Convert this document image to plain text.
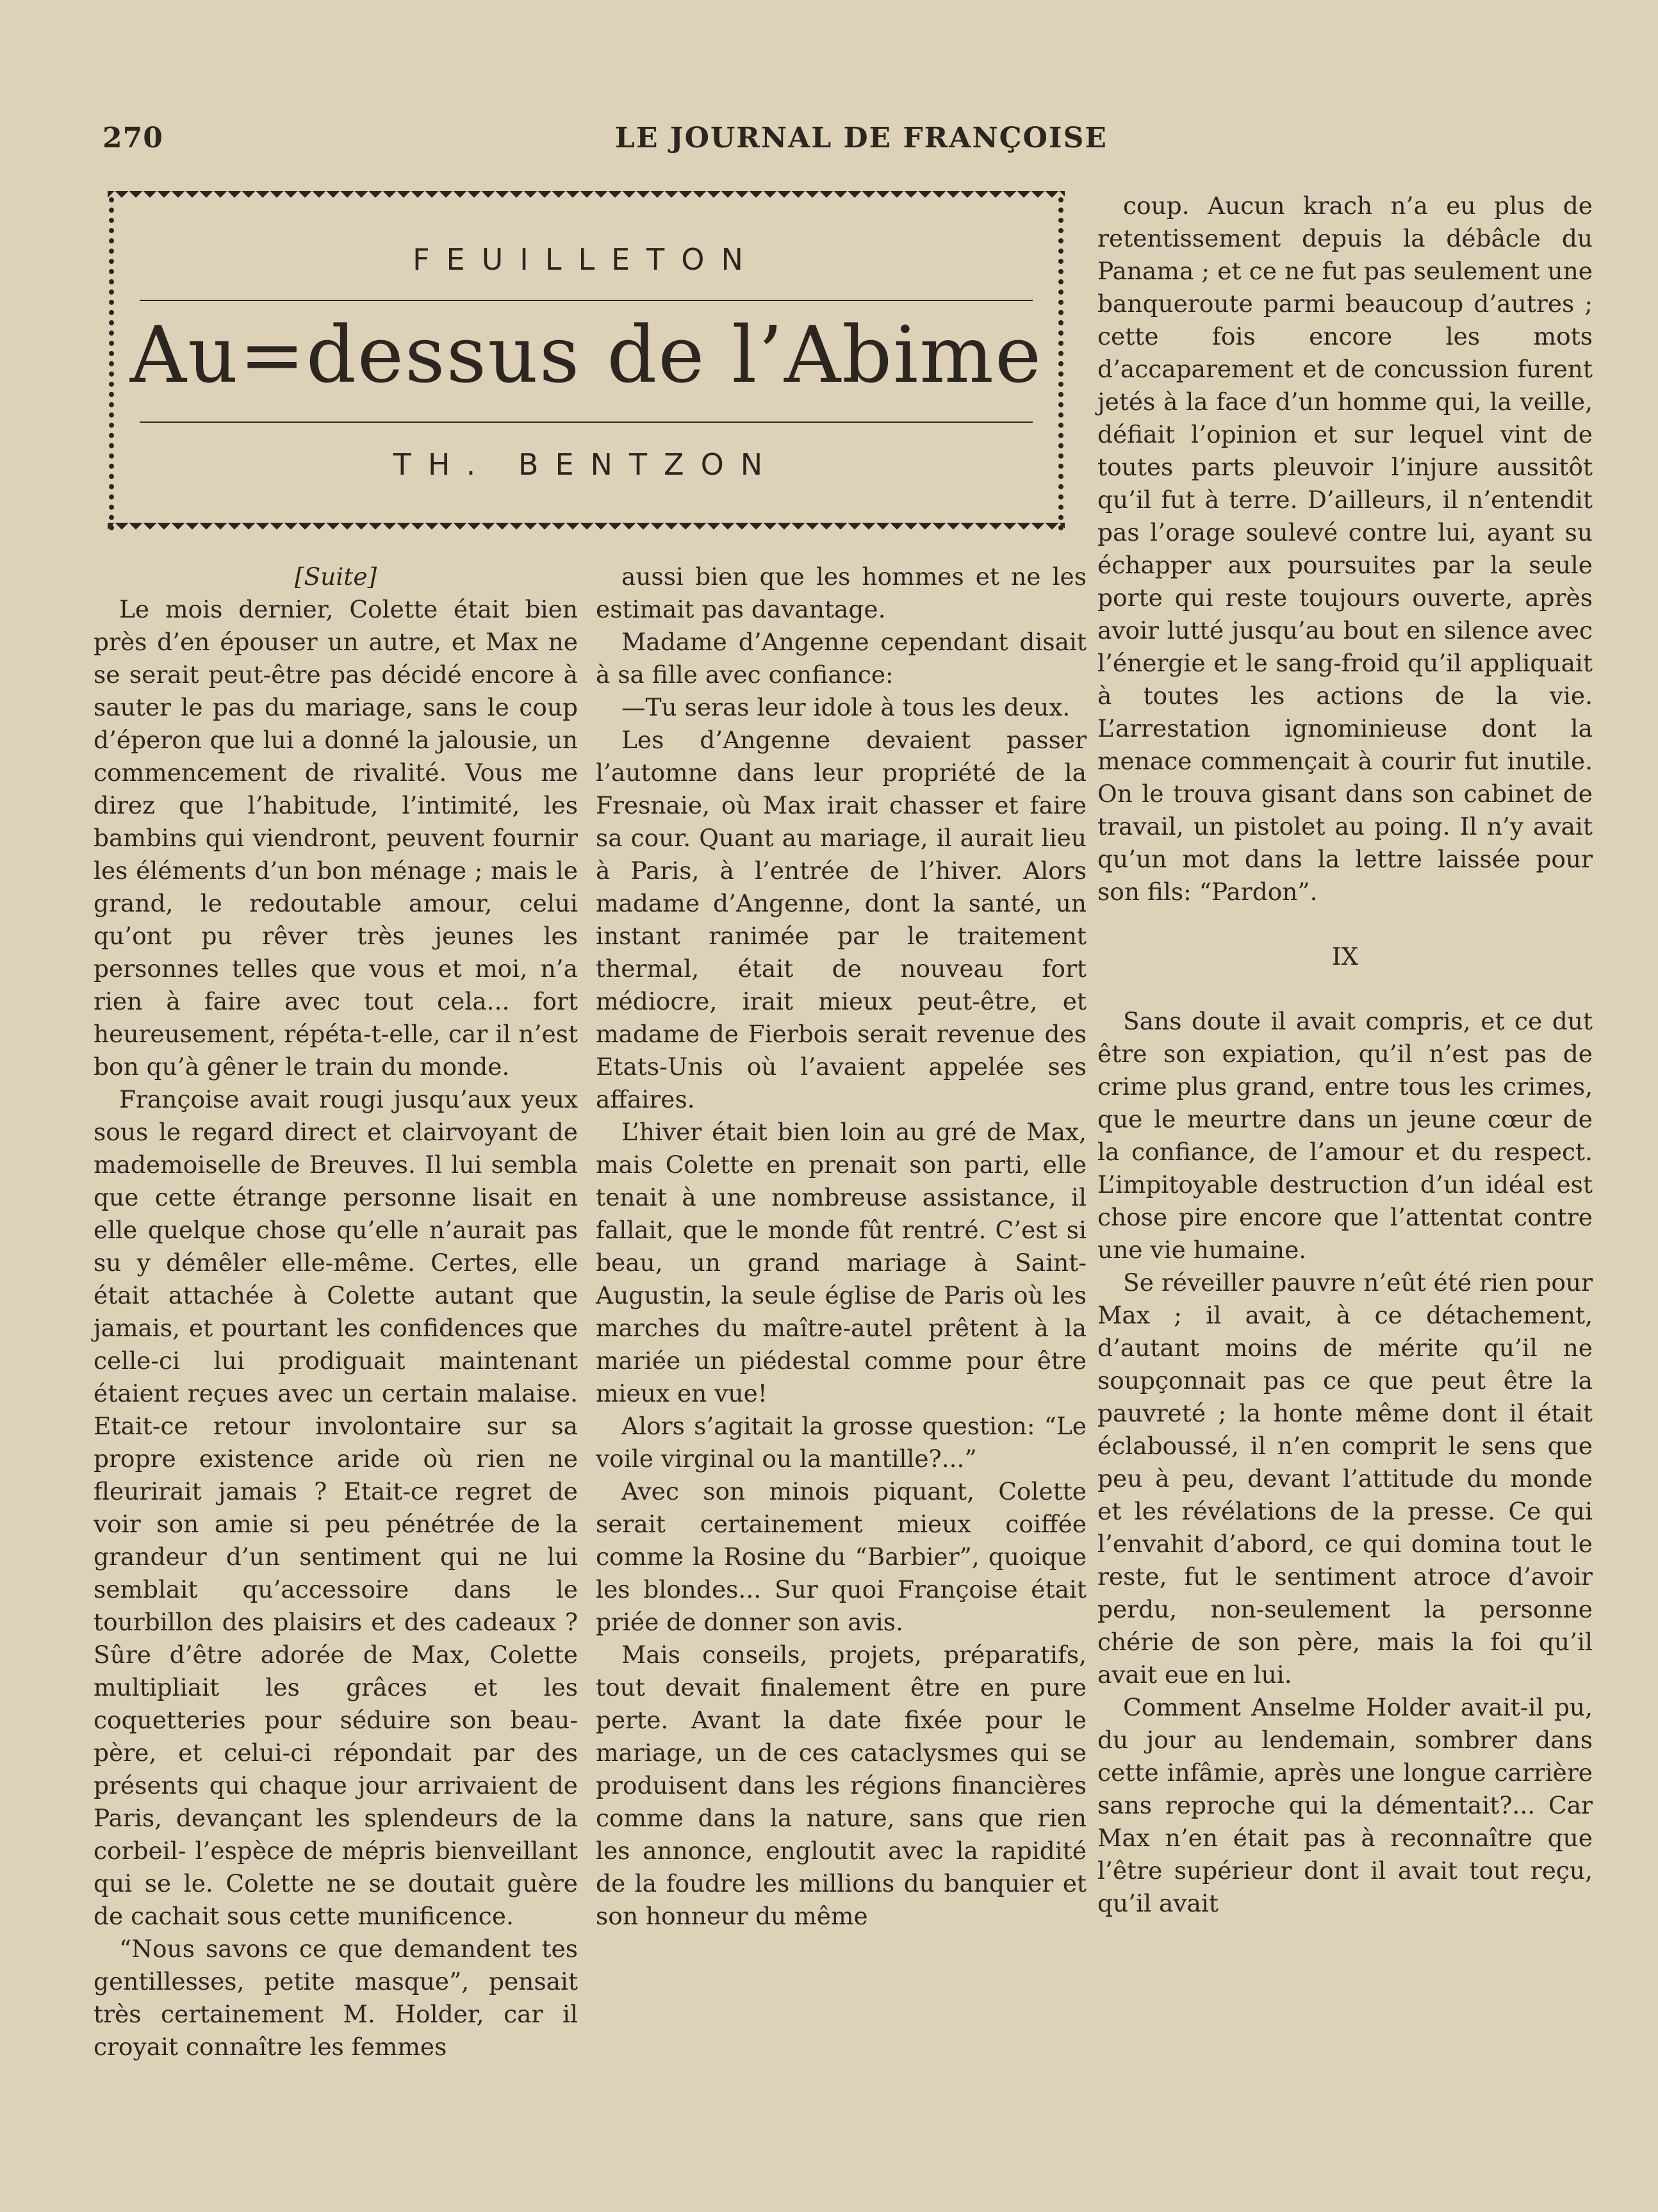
270	LE JOURNAL DE FRANÇOISE
FEUILLETON
Au=dessus de l’Abime
TH. BENTZON

[Suite]

Le mois dernier, Colette était bien près d’en épouser un autre, et Max ne se serait peut-être pas décidé encore à sauter le pas du mariage, sans le coup d’éperon que lui a donné la jalousie, un commencement de rivalité. Vous me direz que l’habitude, l’intimité, les bambins qui viendront, peuvent fournir les éléments d’un bon ménage ; mais le grand, le redoutable amour, celui qu’ont pu rêver très jeunes les personnes telles que vous et moi, n’a rien à faire avec tout cela... fort heureusement, répéta-t-elle, car il n’est bon qu’à gêner le train du monde.

Françoise avait rougi jusqu’aux yeux sous le regard direct et clairvoyant de mademoiselle de Breuves. Il lui sembla que cette étrange personne lisait en elle quelque chose qu’elle n’aurait pas su y démêler elle-même. Certes, elle était attachée à Colette autant que jamais, et pourtant les confidences que celle-ci lui prodiguait maintenant étaient reçues avec un certain malaise. Etait-ce retour involontaire sur sa propre existence aride où rien ne fleurirait jamais ? Etait-ce regret de voir son amie si peu pénétrée de la grandeur d’un sentiment qui ne lui semblait qu’accessoire dans le tourbillon des plaisirs et des cadeaux ? Sûre d’être adorée de Max, Colette multipliait les grâces et les coquetteries pour séduire son beau-père, et celui-ci répondait par des présents qui chaque jour arrivaient de Paris, devançant les splendeurs de la corbeil- l’espèce de mépris bienveillant qui se le. Colette ne se doutait guère de cachait sous cette munificence.

“Nous savons ce que demandent tes gentillesses, petite masque”, pensait très certainement M. Holder, car il croyait connaître les femmes

aussi bien que les hommes et ne les estimait pas davantage.

Madame d’Angenne cependant disait à sa fille avec confiance:

—Tu seras leur idole à tous les deux.

Les d’Angenne devaient passer l’automne dans leur propriété de la Fresnaie, où Max irait chasser et faire sa cour. Quant au mariage, il aurait lieu à Paris, à l’entrée de l’hiver. Alors madame d’Angenne, dont la santé, un instant ranimée par le traitement thermal, était de nouveau fort médiocre, irait mieux peut-être, et madame de Fierbois serait revenue des Etats-Unis où l’avaient appelée ses affaires.

L’hiver était bien loin au gré de Max, mais Colette en prenait son parti, elle tenait à une nombreuse assistance, il fallait, que le monde fût rentré. C’est si beau, un grand mariage à Saint-Augustin, la seule église de Paris où les marches du maître-autel prêtent à la mariée un piédestal comme pour être mieux en vue!

Alors s’agitait la grosse question: “Le voile virginal ou la mantille?...”

Avec son minois piquant, Colette serait certainement mieux coiffée comme la Rosine du “Barbier”, quoique les blondes... Sur quoi Françoise était priée de donner son avis.

Mais conseils, projets, préparatifs, tout devait finalement être en pure perte. Avant la date fixée pour le mariage, un de ces cataclysmes qui se produisent dans les régions financières comme dans la nature, sans que rien les annonce, engloutit avec la rapidité de la foudre les millions du banquier et son honneur du même

coup. Aucun krach n’a eu plus de retentissement depuis la débâcle du Panama ; et ce ne fut pas seulement une banqueroute parmi beaucoup d’autres ; cette fois encore les mots d’accaparement et de concussion furent jetés à la face d’un homme qui, la veille, défiait l’opinion et sur lequel vint de toutes parts pleuvoir l’injure aussitôt qu’il fut à terre. D’ailleurs, il n’entendit pas l’orage soulevé contre lui, ayant su échapper aux poursuites par la seule porte qui reste toujours ouverte, après avoir lutté jusqu’au bout en silence avec l’énergie et le sang-froid qu’il appliquait à toutes les actions de la vie. L’arrestation ignominieuse dont la menace commençait à courir fut inutile. On le trouva gisant dans son cabinet de travail, un pistolet au poing. Il n’y avait qu’un mot dans la lettre laissée pour son fils: “Pardon”.

IX

Sans doute il avait compris, et ce dut être son expiation, qu’il n’est pas de crime plus grand, entre tous les crimes, que le meurtre dans un jeune cœur de la confiance, de l’amour et du respect. L’impitoyable destruction d’un idéal est chose pire encore que l’attentat contre une vie humaine.

Se réveiller pauvre n’eût été rien pour Max ; il avait, à ce détachement, d’autant moins de mérite qu’il ne soupçonnait pas ce que peut être la pauvreté ; la honte même dont il était éclaboussé, il n’en comprit le sens que peu à peu, devant l’attitude du monde et les révélations de la presse. Ce qui l’envahit d’abord, ce qui domina tout le reste, fut le sentiment atroce d’avoir perdu, non-seulement la personne chérie de son père, mais la foi qu’il avait eue en lui.

Comment Anselme Holder avait-il pu, du jour au lendemain, sombrer dans cette infâmie, après une longue carrière sans reproche qui la démentait?... Car Max n’en était pas à reconnaître que l’être supérieur dont il avait tout reçu, qu’il avait
